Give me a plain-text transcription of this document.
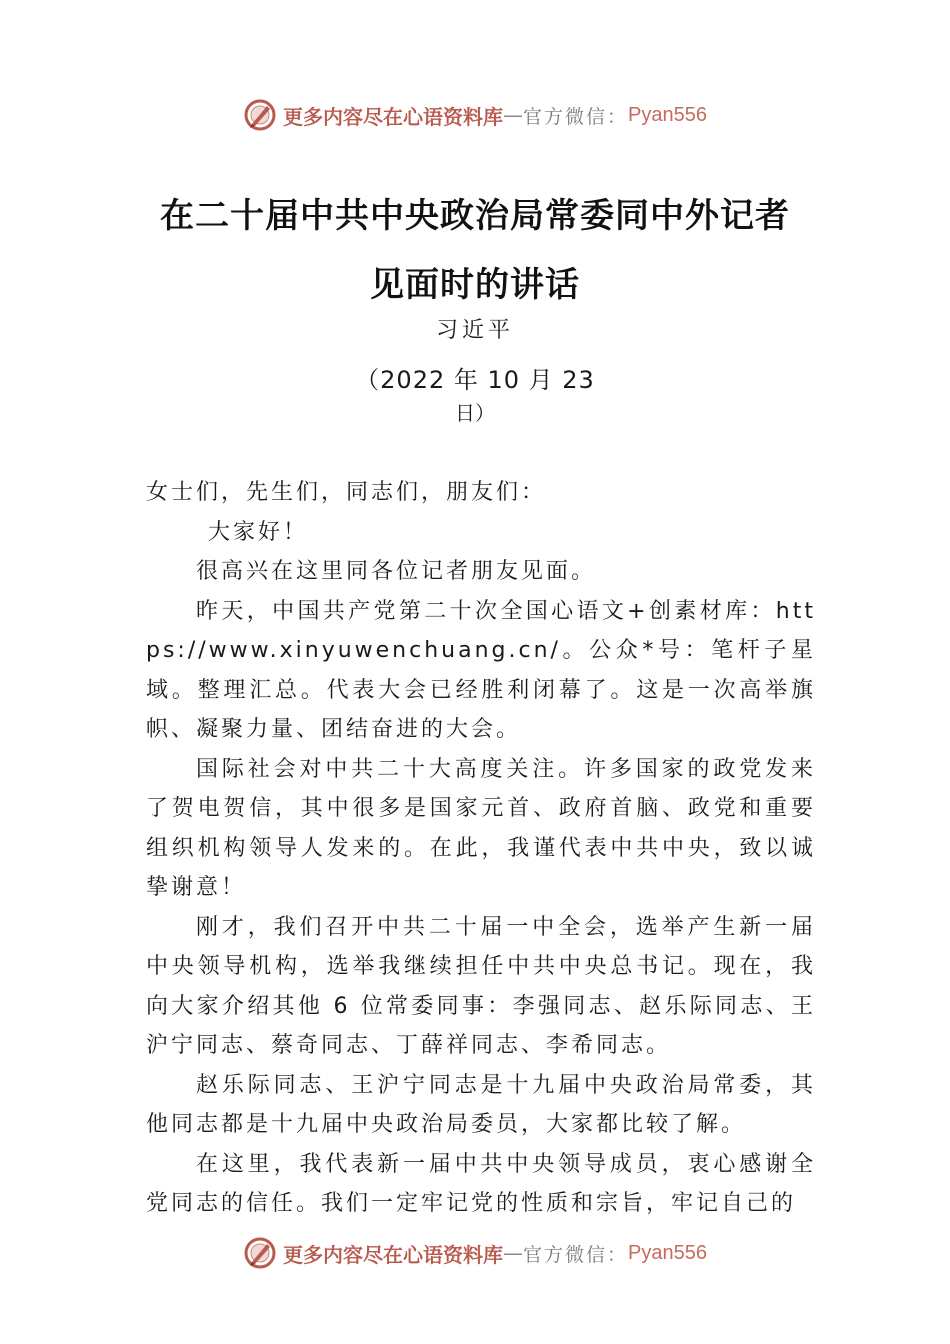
更多内容尽在心语资料库 — 官方微信： Pyan556
在二十届中共中央政治局常委同中外记者
见面时的讲话
习近平
（2022 年 10 月 23
日）

女士们，先生们，同志们，朋友们：

大家好！

很高兴在这里同各位记者朋友见面。

昨天，中国共产党第二十次全国心语文+创素材库：https://www.xinyuwenchuang.cn/。公众*号：笔杆子星域。整理汇总。代表大会已经胜利闭幕了。这是一次高举旗帜、凝聚力量、团结奋进的大会。

国际社会对中共二十大高度关注。许多国家的政党发来了贺电贺信，其中很多是国家元首、政府首脑、政党和重要组织机构领导人发来的。在此，我谨代表中共中央，致以诚挚谢意！

刚才，我们召开中共二十届一中全会，选举产生新一届中央领导机构，选举我继续担任中共中央总书记。现在，我向大家介绍其他 6 位常委同事：李强同志、赵乐际同志、王沪宁同志、蔡奇同志、丁薛祥同志、李希同志。

赵乐际同志、王沪宁同志是十九届中央政治局常委，其他同志都是十九届中央政治局委员，大家都比较了解。

在这里，我代表新一届中共中央领导成员，衷心感谢全党同志的信任。我们一定牢记党的性质和宗旨，牢记自己的

更多内容尽在心语资料库 — 官方微信： Pyan556
